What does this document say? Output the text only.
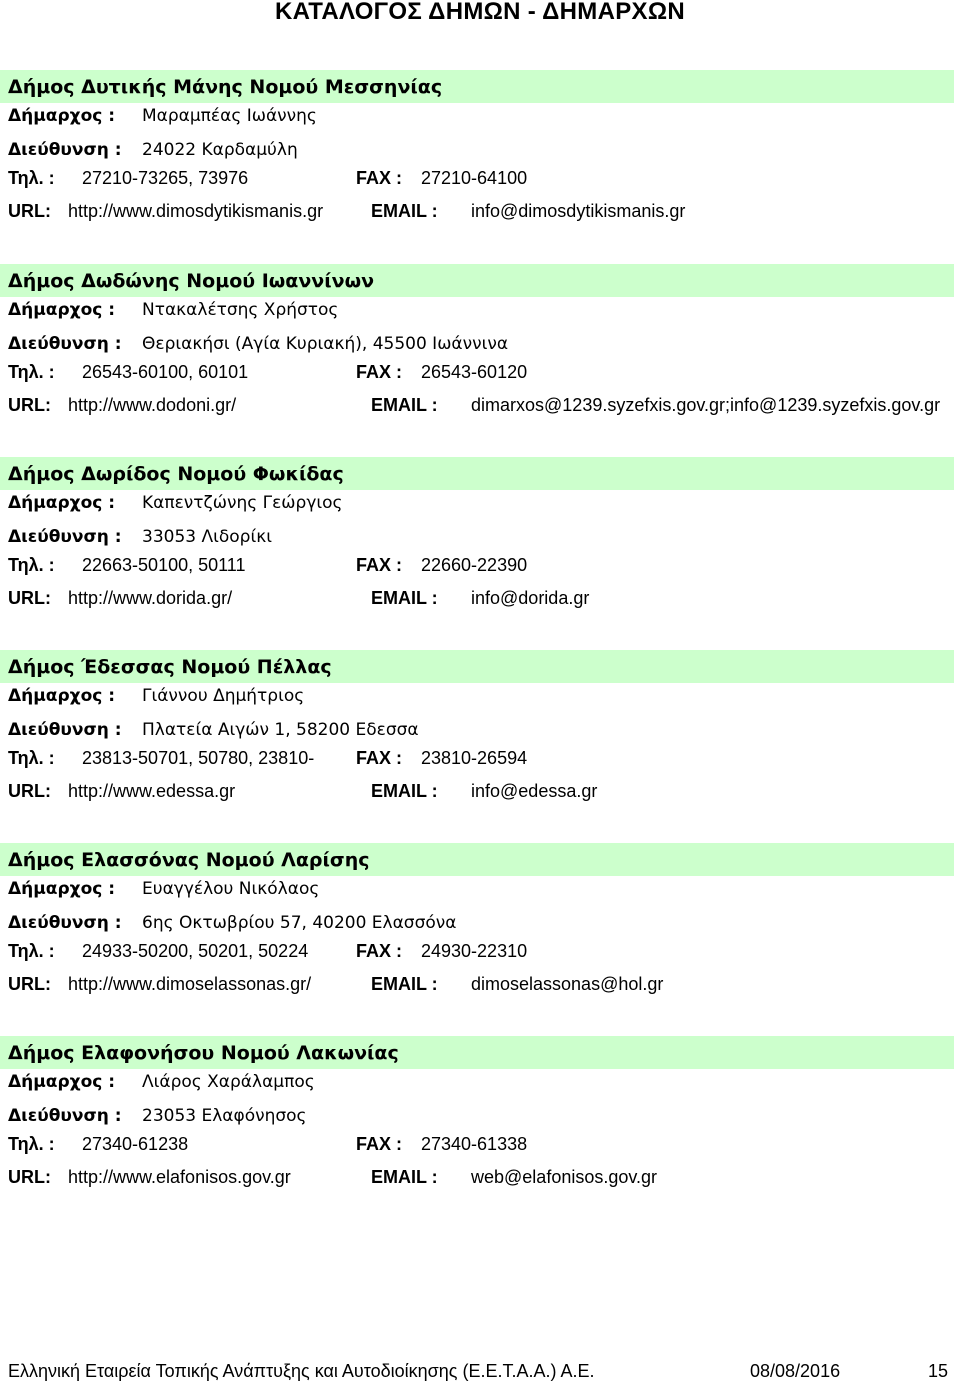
ΚΑΤΑΛΟΓΟΣ ΔΗΜΩΝ - ΔΗΜΑΡΧΩΝ
Δήμος Δυτικής Μάνης Νομού Μεσσηνίας
Δήμαρχος : Μαραμπέας Ιωάννης
Διεύθυνση : 24022 Καρδαμύλη
Τηλ. : 27210-73265, 73976	FAX : 27210-64100
URL: http://www.dimosdytikismanis.gr	EMAIL : info@dimosdytikismanis.gr
Δήμος Δωδώνης Νομού Ιωαννίνων
Δήμαρχος : Ντακαλέτσης Χρήστος
Διεύθυνση : Θεριακήσι (Αγία Κυριακή), 45500 Ιωάννινα
Τηλ. : 26543-60100, 60101	FAX : 26543-60120
URL: http://www.dodoni.gr/	EMAIL : dimarxos@1239.syzefxis.gov.gr;info@1239.syzefxis.gov.gr
Δήμος Δωρίδος Νομού Φωκίδας
Δήμαρχος : Καπεντζώνης Γεώργιος
Διεύθυνση : 33053 Λιδορίκι
Τηλ. : 22663-50100, 50111	FAX : 22660-22390
URL: http://www.dorida.gr/	EMAIL : info@dorida.gr
Δήμος Έδεσσας Νομού Πέλλας
Δήμαρχος : Γιάννου Δημήτριος
Διεύθυνση : Πλατεία Αιγών 1, 58200 Εδεσσα
Τηλ. : 23813-50701, 50780, 23810- FAX : 23810-26594
URL: http://www.edessa.gr	EMAIL : info@edessa.gr
Δήμος Ελασσόνας Νομού Λαρίσης
Δήμαρχος : Ευαγγέλου Νικόλαος
Διεύθυνση : 6ης Οκτωβρίου 57, 40200 Ελασσόνα
Τηλ. : 24933-50200, 50201, 50224	FAX : 24930-22310
URL: http://www.dimoselassonas.gr/	EMAIL : dimoselassonas@hol.gr
Δήμος Ελαφονήσου Νομού Λακωνίας
Δήμαρχος : Λιάρος Χαράλαμπος
Διεύθυνση : 23053 Ελαφόνησος
Τηλ. : 27340-61238	FAX : 27340-61338
URL: http://www.elafonisos.gov.gr	EMAIL : web@elafonisos.gov.gr
Ελληνική Εταιρεία Τοπικής Ανάπτυξης και Αυτοδιοίκησης (Ε.Ε.Τ.Α.Α.) Α.Ε.	08/08/2016	15
